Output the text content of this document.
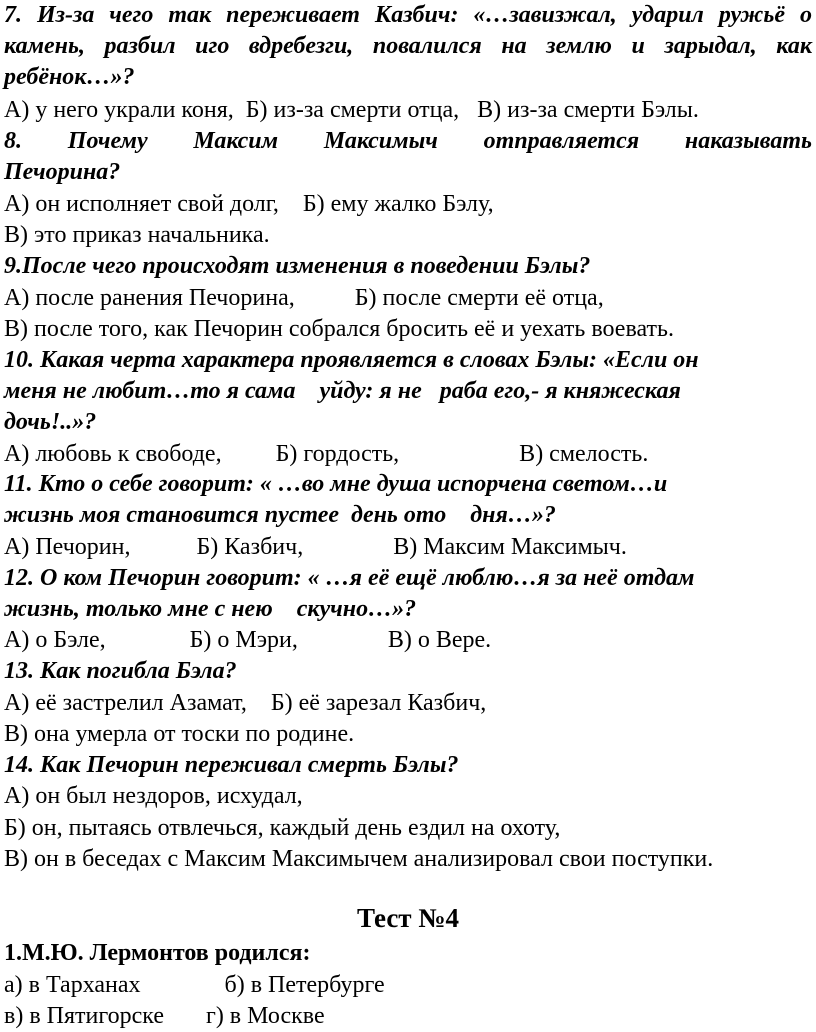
7. Из-за чего так переживает Казбич: «…завизжал, ударил ружьё о
камень, разбил иго вдребезги, повалился на землю и зарыдал, как
ребёнок…»?
А) у него украли коня,  Б) из-за смерти отца,   В) из-за смерти Бэлы.
8. Почему Максим Максимыч отправляется наказывать
Печорина?
А) он исполняет свой долг,    Б) ему жалко Бэлу,
В) это приказ начальника.
9.После чего происходят изменения в поведении Бэлы?
А) после ранения Печорина,          Б) после смерти её отца,
В) после того, как Печорин собрался бросить её и уехать воевать.
10. Какая черта характера проявляется в словах Бэлы: «Если он
меня не любит…то я сама    уйду: я не   раба его,- я княжеская
дочь!..»?
А) любовь к свободе,         Б) гордость,                    В) смелость.
11. Кто о себе говорит: « …во мне душа испорчена светом…и
жизнь моя становится пустее  день ото    дня…»?
А) Печорин,           Б) Казбич,               В) Максим Максимыч.
12. О ком Печорин говорит: « …я её ещё люблю…я за неё отдам
жизнь, только мне с нею    скучно…»?
А) о Бэле,              Б) о Мэри,               В) о Вере.
13. Как погибла Бэла?
А) её застрелил Азамат,    Б) её зарезал Казбич,
В) она умерла от тоски по родине.
14. Как Печорин переживал смерть Бэлы?
А) он был нездоров, исхудал,
Б) он, пытаясь отвлечься, каждый день ездил на охоту,
В) он в беседах с Максим Максимычем анализировал свои поступки.
Тест №4
1.М.Ю. Лермонтов родился:
а) в Тарханах              б) в Петербурге
в) в Пятигорске       г) в Москве
